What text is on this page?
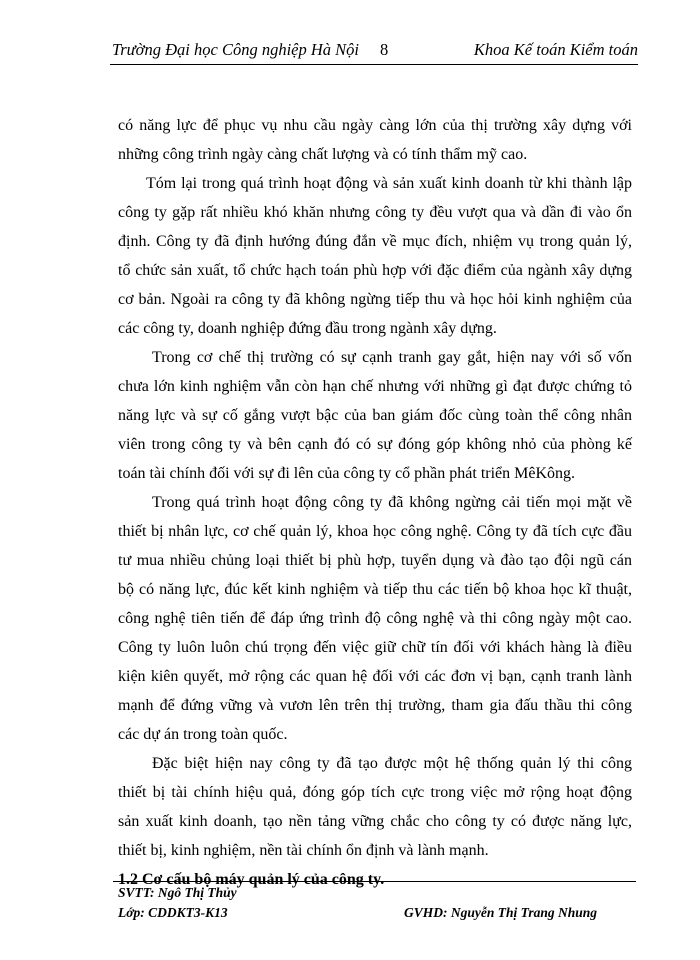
Trường Đại học Công nghiệp Hà Nội 8	Khoa Kế toán Kiểm toán

có năng lực để phục vụ nhu cầu ngày càng lớn của thị trường xây dựng với

những công trình ngày càng chất lượng và có tính thẩm mỹ cao.

Tóm lại trong quá trình hoạt động và sản xuất kinh doanh từ khi thành lập

công ty gặp rất nhiều khó khăn nhưng công ty đều vượt qua và dần đi vào ổn

định. Công ty đã định hướng đúng đắn về mục đích, nhiệm vụ trong quản lý,

tổ chức sản xuất, tổ chức hạch toán phù hợp với đặc điểm của ngành xây dựng

cơ bản. Ngoài ra công ty đã không ngừng tiếp thu và học hỏi kinh nghiệm của

các công ty, doanh nghiệp đứng đầu trong ngành xây dựng.

Trong cơ chế thị trường có sự cạnh tranh gay gắt, hiện nay với số vốn

chưa lớn kinh nghiệm vẫn còn hạn chế nhưng với những gì đạt được chứng tỏ

năng lực và sự cố gắng vượt bậc của ban giám đốc cùng toàn thể công nhân

viên trong công ty và bên cạnh đó có sự đóng góp không nhỏ của phòng kế

toán tài chính đối với sự đi lên của công ty cổ phần phát triển MêKông.

Trong quá trình hoạt động công ty đã không ngừng cải tiến mọi mặt về

thiết bị nhân lực, cơ chế quản lý, khoa học công nghệ. Công ty đã tích cực đầu

tư mua nhiều chủng loại thiết bị phù hợp, tuyển dụng và đào tạo đội ngũ cán

bộ có năng lực, đúc kết kinh nghiệm và tiếp thu các tiến bộ khoa học kĩ thuật,

công nghệ tiên tiến để đáp ứng trình độ công nghệ và thi công ngày một cao.

Công ty luôn luôn chú trọng đến việc giữ chữ tín đối với khách hàng là điều

kiện kiên quyết, mở rộng các quan hệ đối với các đơn vị bạn, cạnh tranh lành

mạnh để đứng vững và vươn lên trên thị trường, tham gia đấu thầu thi công

các dự án trong toàn quốc.

Đặc biệt hiện nay công ty đã tạo được một hệ thống quản lý thi công

thiết bị tài chính hiệu quả, đóng góp tích cực trong việc mở rộng hoạt động

sản xuất kinh doanh, tạo nền tảng vững chắc cho công ty có được năng lực,

thiết bị, kinh nghiệm, nền tài chính ổn định và lành mạnh.

1.2 Cơ cấu bộ máy quản lý của công ty.

SVTT: Ngô Thị Thủy
Lớp: CDDKT3-K13	GVHD: Nguyễn Thị Trang Nhung
